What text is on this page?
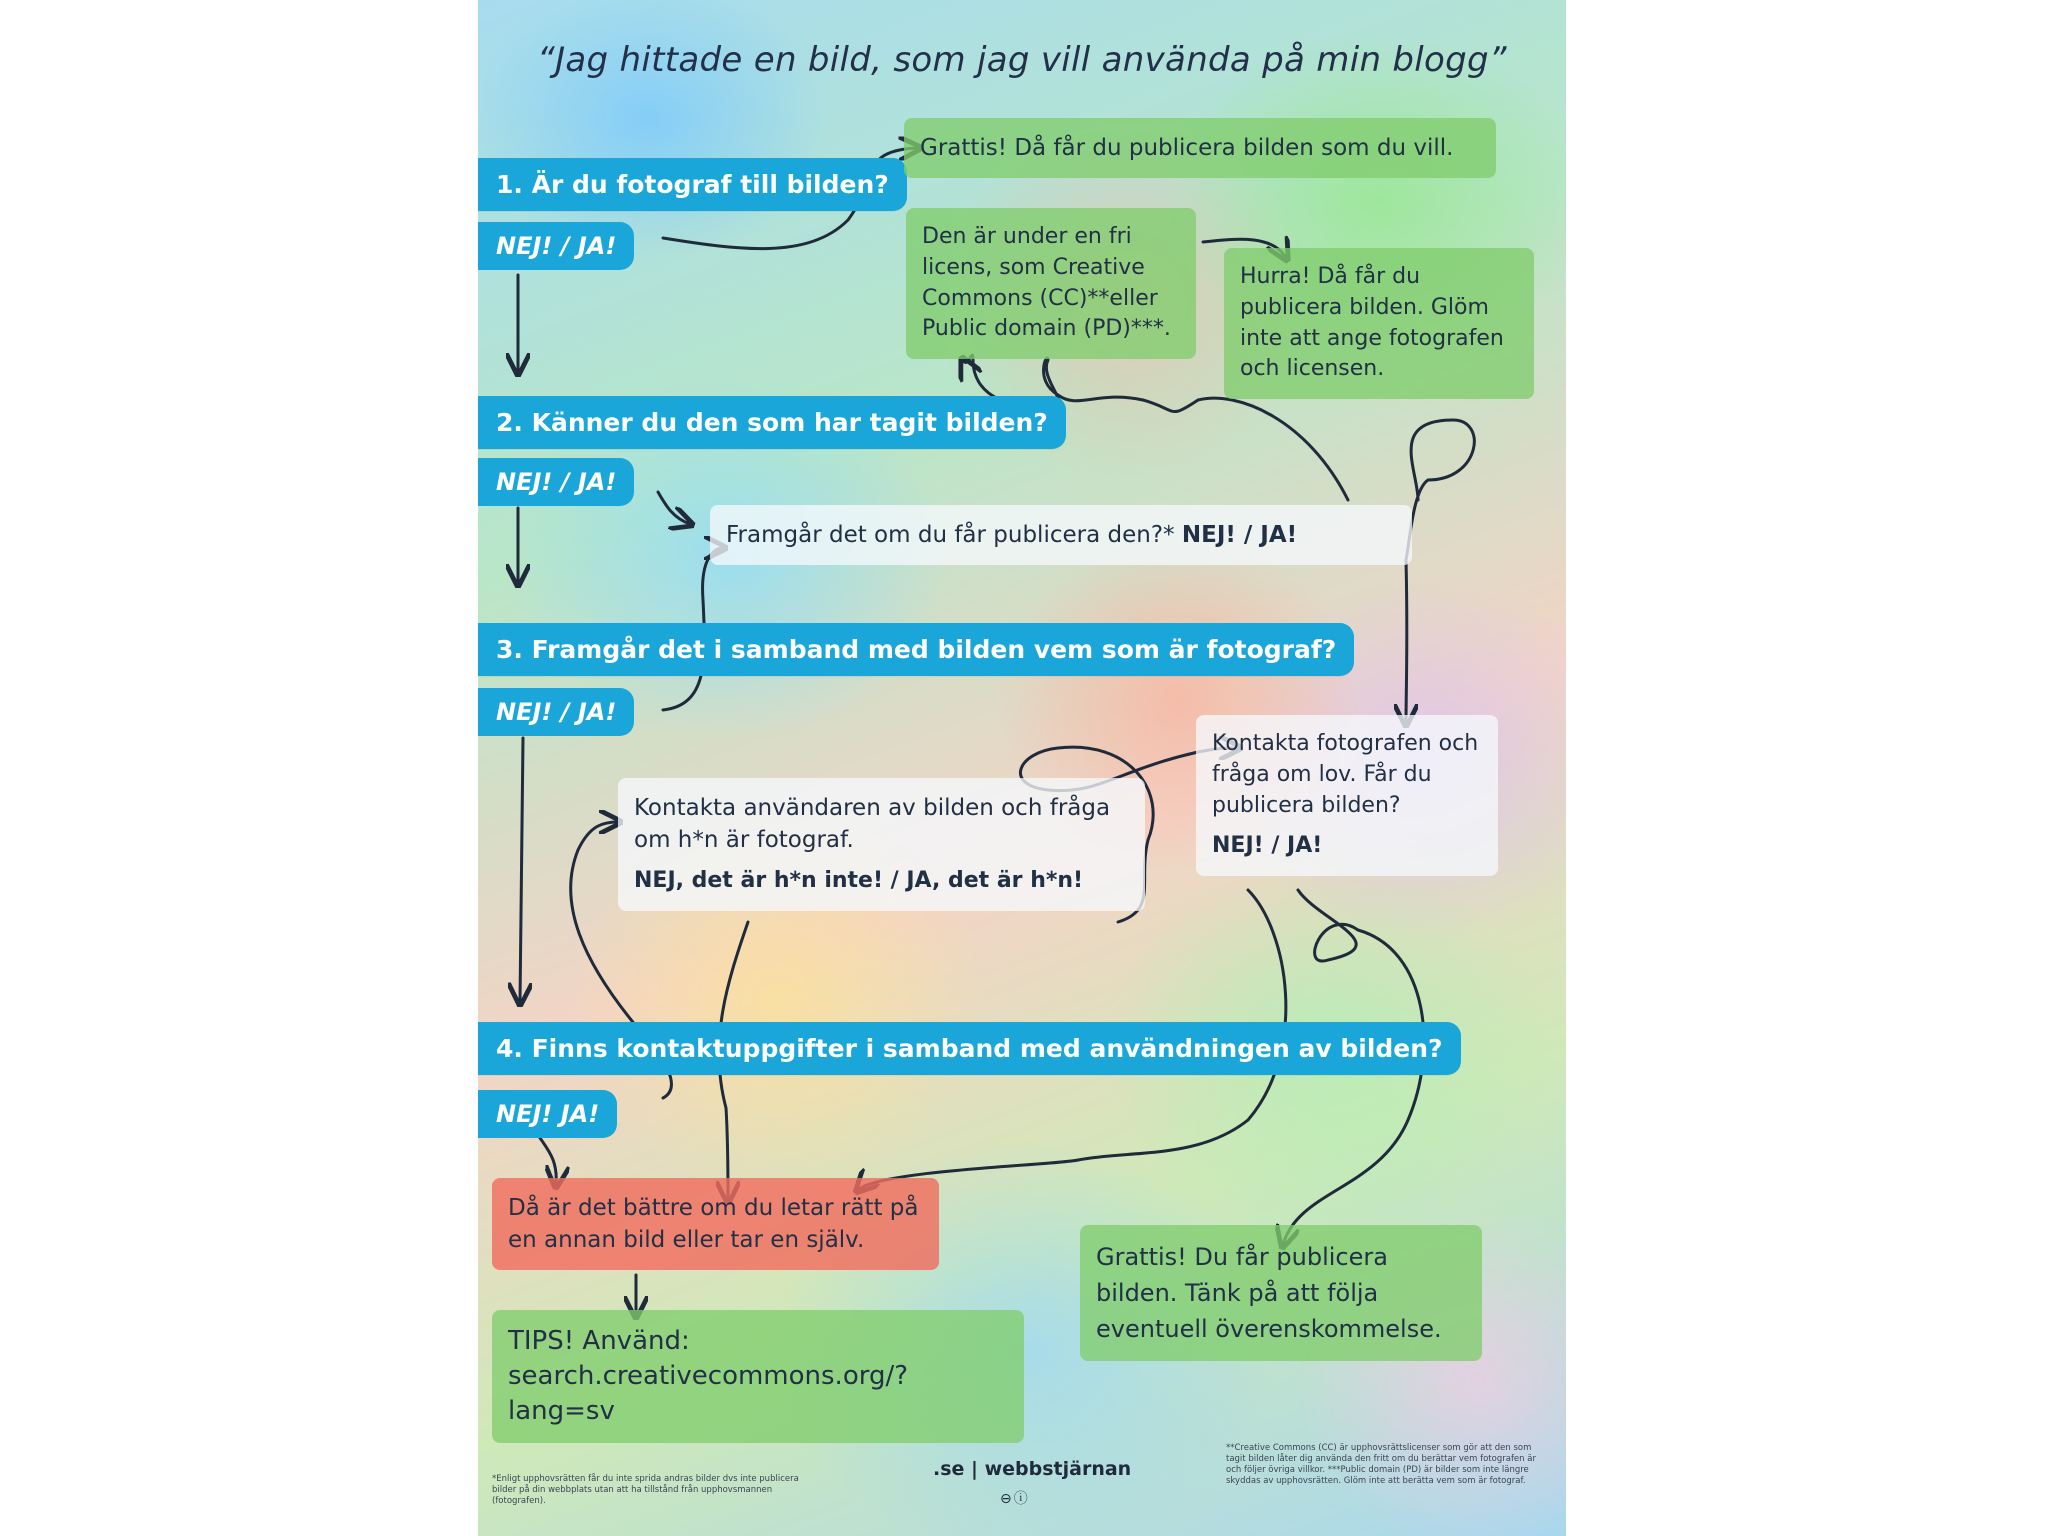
“Jag hittade en bild, som jag vill använda på min blogg”
1. Är du fotograf till bilden?
NEJ! / JA!
2. Känner du den som har tagit bilden?
NEJ! / JA!
3. Framgår det i samband med bilden vem som är fotograf?
NEJ! / JA!
4. Finns kontaktuppgifter i samband med användningen av bilden?
NEJ! JA!
Grattis! Då får du publicera bilden som du vill.
Den är under en fri licens, som Creative Commons (CC)**eller Public domain (PD)***.
Hurra! Då får du publicera bilden. Glöm inte att ange fotografen och licensen.
Framgår det om du får publicera den?* NEJ! / JA!
Kontakta användaren av bilden och fråga om h*n är fotograf.
NEJ, det är h*n inte! / JA, det är h*n!
Kontakta fotografen och fråga om lov. Får du publicera bilden?
NEJ! / JA!
Då är det bättre om du letar rätt på en annan bild eller tar en själv.
TIPS! Använd:
search.creativecommons.org/?lang=sv
Grattis! Du får publicera bilden. Tänk på att följa eventuell överenskommelse.
*Enligt upphovsrätten får du inte sprida andras bilder dvs inte publicera bilder på din webbplats utan att ha tillstånd från upphovsmannen (fotografen).
**Creative Commons (CC) är upphovsrättslicenser som gör att den som tagit bilden låter dig använda den fritt om du berättar vem fotografen är och följer övriga villkor. ***Public domain (PD) är bilder som inte längre skyddas av upphovsrätten. Glöm inte att berätta vem som är fotograf.
.se | webbstjärnan
⊖ⓘ
